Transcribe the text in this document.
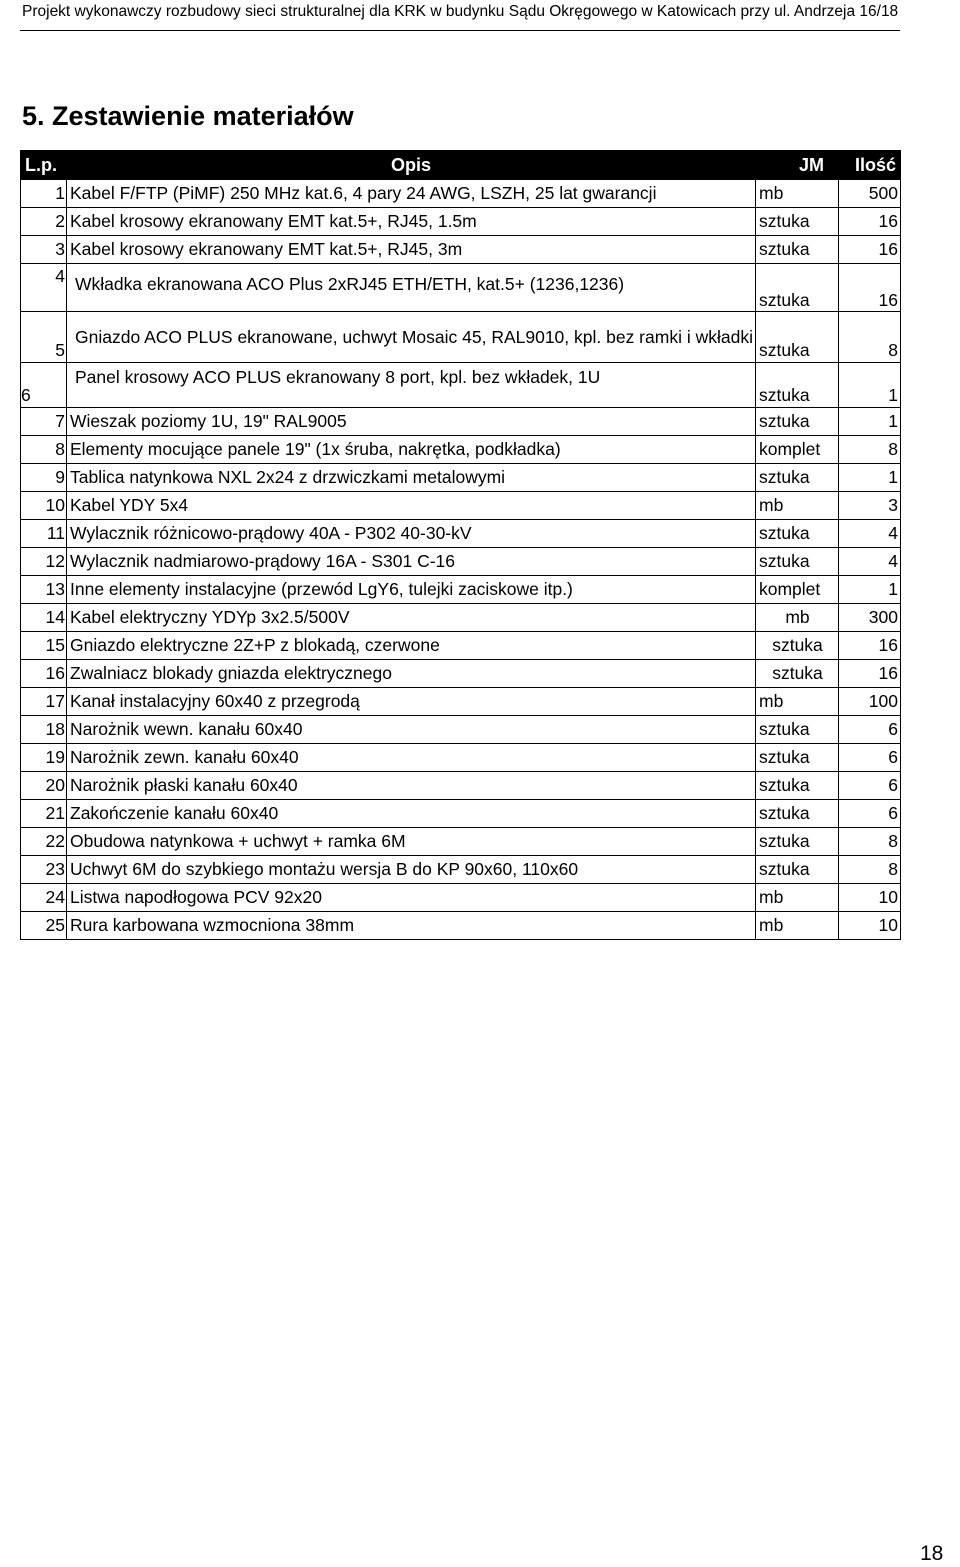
Projekt wykonawczy rozbudowy sieci strukturalnej dla KRK w budynku Sądu Okręgowego w Katowicach przy ul. Andrzeja 16/18
5. Zestawienie materiałów
L.p.	Opis	JM	Ilość
1	Kabel F/FTP (PiMF) 250 MHz kat.6, 4 pary 24 AWG, LSZH, 25 lat gwarancji	mb	500
2	Kabel krosowy ekranowany EMT kat.5+, RJ45, 1.5m	sztuka	16
3	Kabel krosowy ekranowany EMT kat.5+, RJ45, 3m	sztuka	16
4	Wkładka ekranowana ACO Plus 2xRJ45 ETH/ETH, kat.5+ (1236,1236)	sztuka	16
5	Gniazdo ACO PLUS ekranowane, uchwyt Mosaic 45, RAL9010, kpl. bez ramki i wkładki	sztuka	8
6	Panel krosowy ACO PLUS ekranowany 8 port, kpl. bez wkładek, 1U	sztuka	1
7	Wieszak poziomy 1U, 19" RAL9005	sztuka	1
8	Elementy mocujące panele 19" (1x śruba, nakrętka, podkładka)	komplet	8
9	Tablica natynkowa NXL 2x24 z drzwiczkami metalowymi	sztuka	1
10	Kabel YDY 5x4	mb	3
11	Wylacznik różnicowo-prądowy 40A - P302 40-30-kV	sztuka	4
12	Wylacznik nadmiarowo-prądowy 16A - S301 C-16	sztuka	4
13	Inne elementy instalacyjne (przewód LgY6, tulejki zaciskowe itp.)	komplet	1
14	Kabel elektryczny YDYp 3x2.5/500V	mb	300
15	Gniazdo elektryczne 2Z+P z blokadą, czerwone	sztuka	16
16	Zwalniacz blokady gniazda elektrycznego	sztuka	16
17	Kanał instalacyjny 60x40 z przegrodą	mb	100
18	Narożnik wewn. kanału 60x40	sztuka	6
19	Narożnik zewn. kanału 60x40	sztuka	6
20	Narożnik płaski kanału 60x40	sztuka	6
21	Zakończenie kanału 60x40	sztuka	6
22	Obudowa natynkowa + uchwyt + ramka 6M	sztuka	8
23	Uchwyt 6M do szybkiego montażu wersja B do KP 90x60, 110x60	sztuka	8
24	Listwa napodłogowa PCV 92x20	mb	10
25	Rura karbowana wzmocniona 38mm	mb	10
18
